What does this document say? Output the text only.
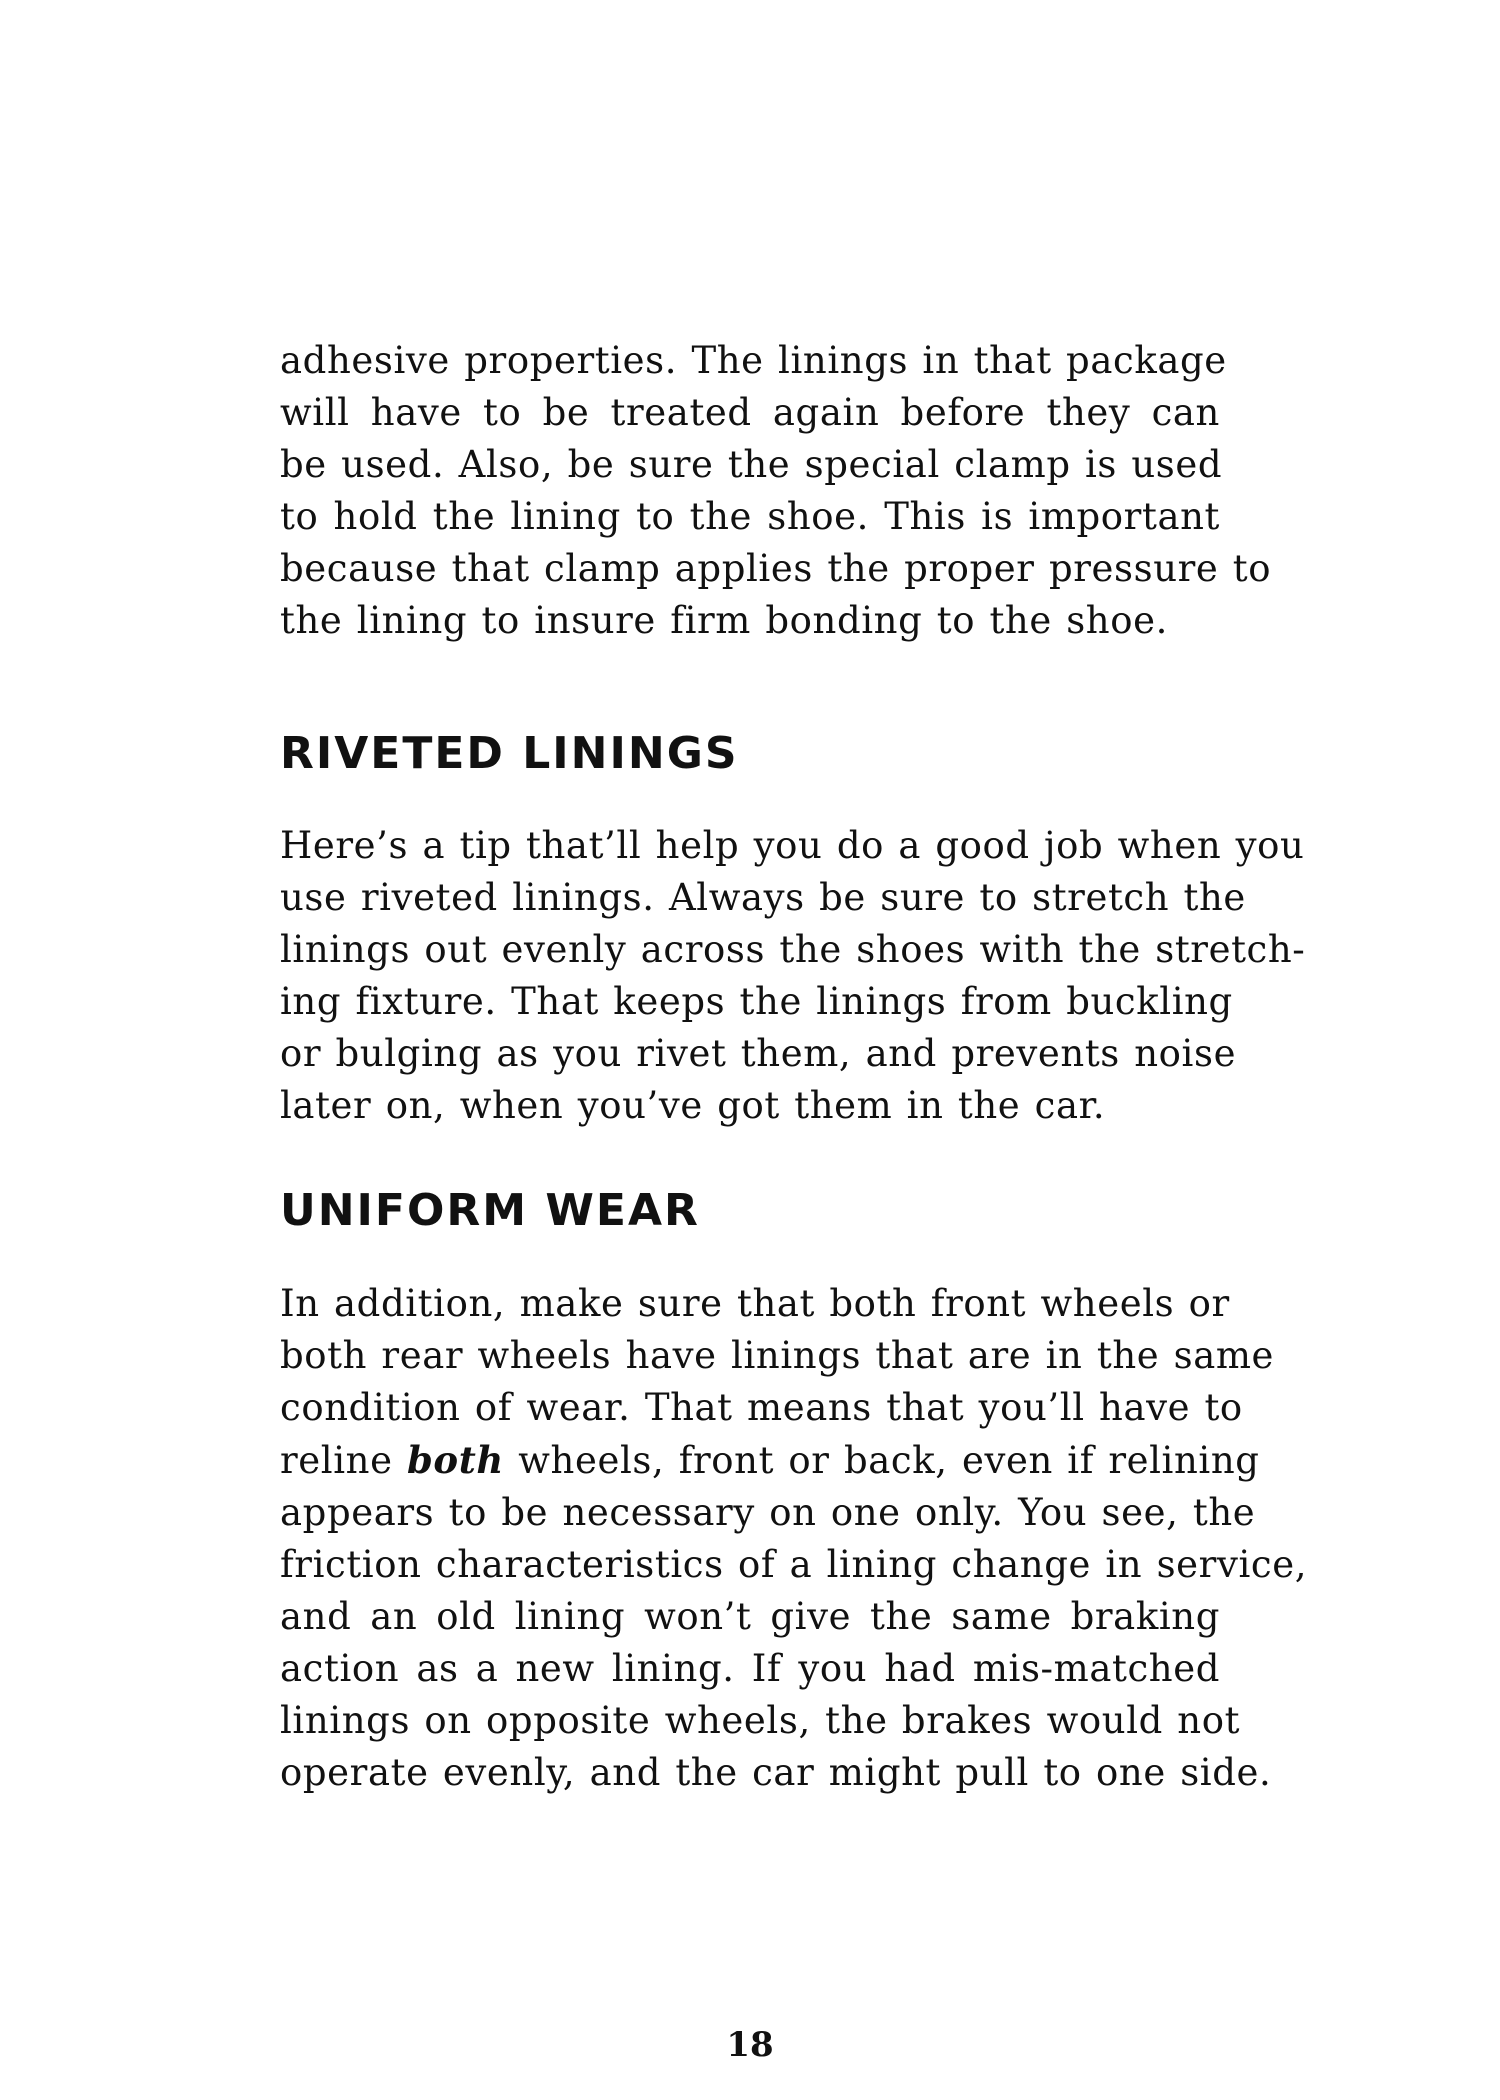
adhesive properties. The linings in that package
will have to be treated again before they can
be used. Also, be sure the special clamp is used
to hold the lining to the shoe. This is important
because that clamp applies the proper pressure to
the lining to insure firm bonding to the shoe.
RIVETED LININGS
Here’s a tip that’ll help you do a good job when you
use riveted linings. Always be sure to stretch the
linings out evenly across the shoes with the stretch-
ing fixture. That keeps the linings from buckling
or bulging as you rivet them, and prevents noise
later on, when you’ve got them in the car.
UNIFORM WEAR
In addition, make sure that both front wheels or
both rear wheels have linings that are in the same
condition of wear. That means that you’ll have to
reline both wheels, front or back, even if relining
appears to be necessary on one only. You see, the
friction characteristics of a lining change in service,
and an old lining won’t give the same braking
action as a new lining. If you had mis-matched
linings on opposite wheels, the brakes would not
operate evenly, and the car might pull to one side.
18
